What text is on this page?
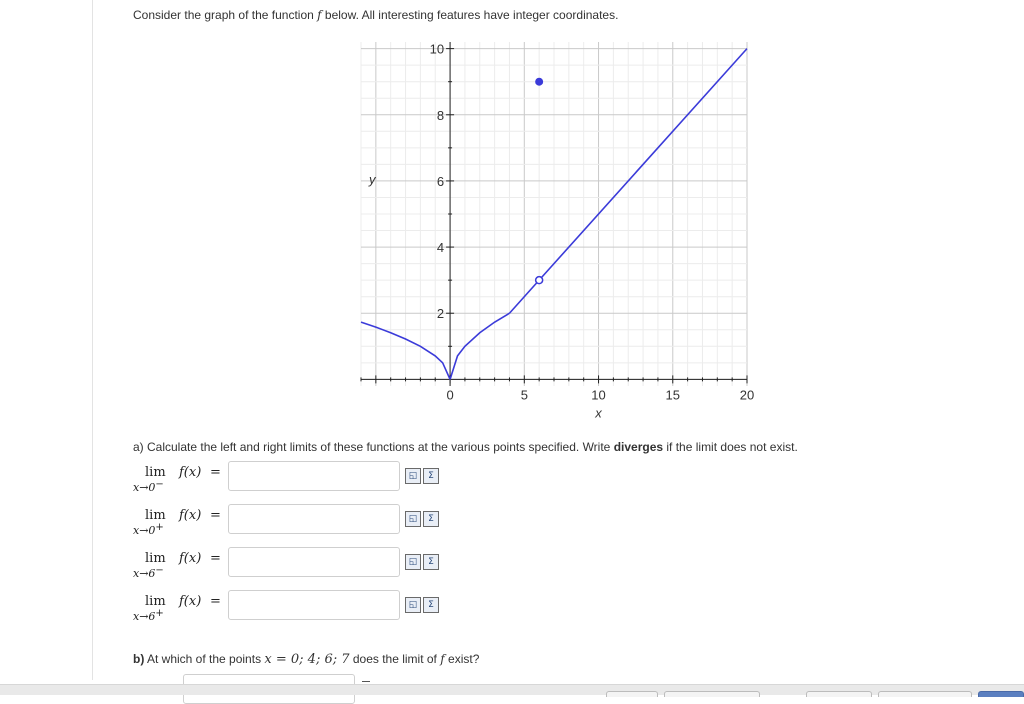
Consider the graph of the function f below. All interesting features have integer coordinates.
0	5	10	15	20
2
4
6
8
10
x
y
a) Calculate the left and right limits of these functions at the various points specified. Write diverges if the limit does not exist.
lim f(x) =
x→0−
◱	Σ
lim f(x) =
x→0+
◱	Σ
lim f(x) =
x→6−
◱	Σ
lim f(x) =
x→6+
◱	Σ
b) At which of the points x = 0; 4; 6; 7 does the limit of f exist?
